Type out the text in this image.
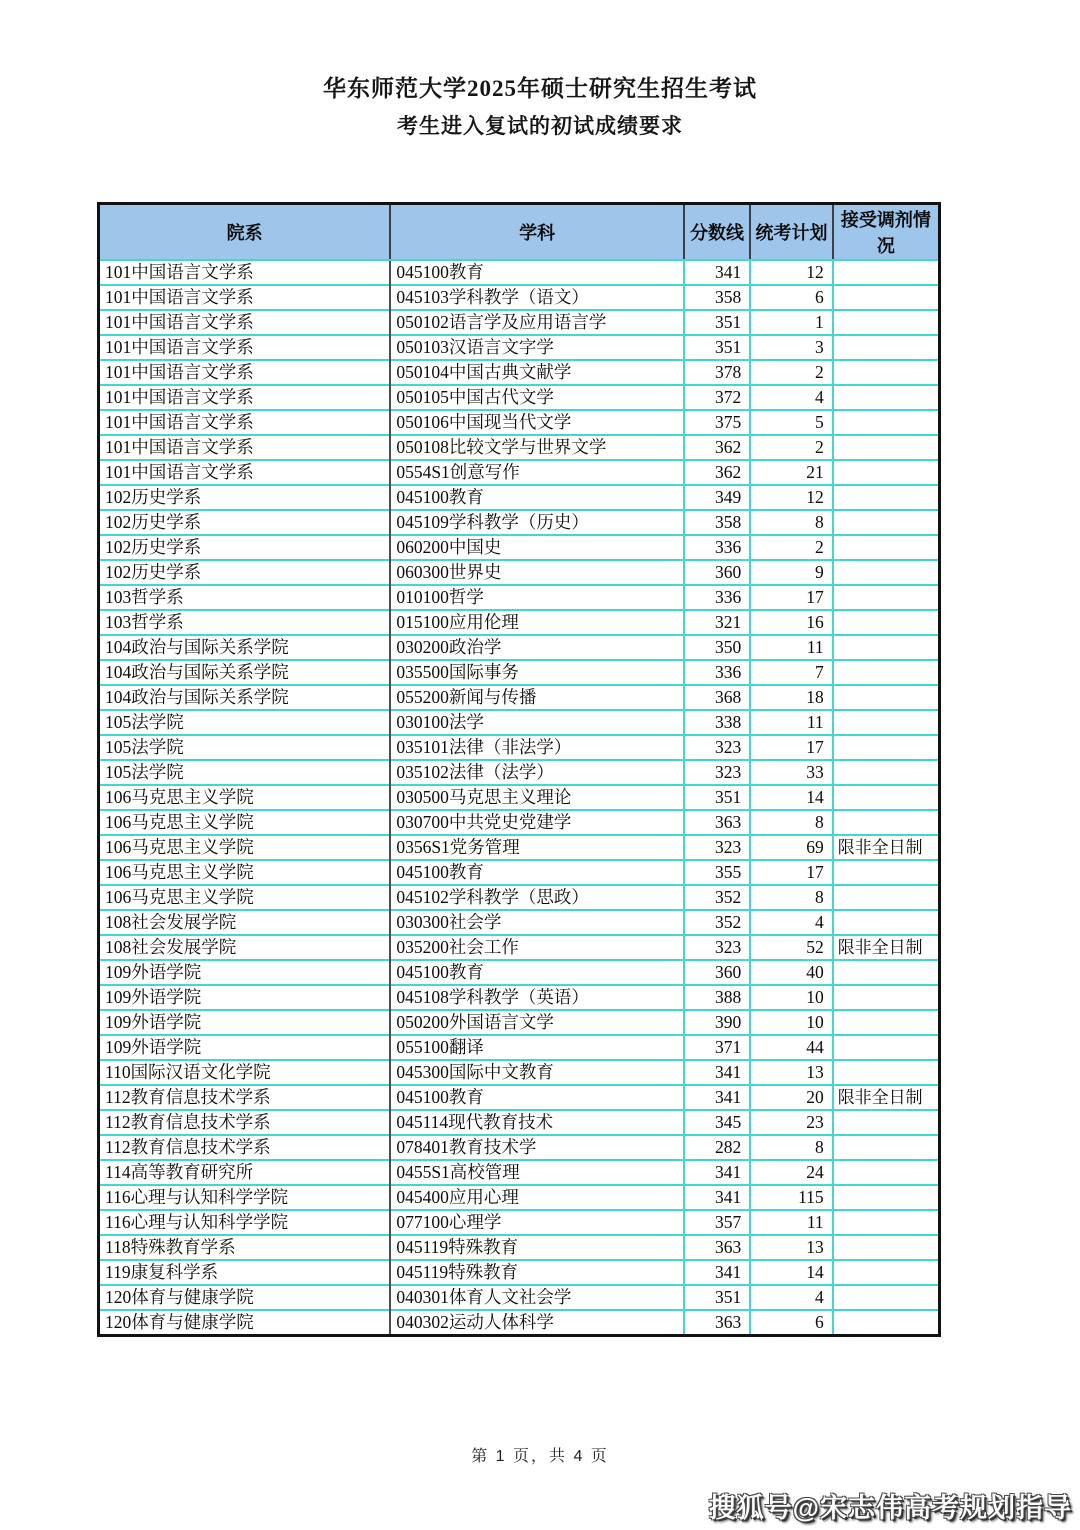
华东师范大学2025年硕士研究生招生考试
考生进入复试的初试成绩要求
院系	学科	分数线	统考计划	接受调剂情况
101中国语言文学系	045100教育	341	12	
101中国语言文学系	045103学科教学（语文）	358	6	
101中国语言文学系	050102语言学及应用语言学	351	1	
101中国语言文学系	050103汉语言文字学	351	3	
101中国语言文学系	050104中国古典文献学	378	2	
101中国语言文学系	050105中国古代文学	372	4	
101中国语言文学系	050106中国现当代文学	375	5	
101中国语言文学系	050108比较文学与世界文学	362	2	
101中国语言文学系	0554S1创意写作	362	21	
102历史学系	045100教育	349	12	
102历史学系	045109学科教学（历史）	358	8	
102历史学系	060200中国史	336	2	
102历史学系	060300世界史	360	9	
103哲学系	010100哲学	336	17	
103哲学系	015100应用伦理	321	16	
104政治与国际关系学院	030200政治学	350	11	
104政治与国际关系学院	035500国际事务	336	7	
104政治与国际关系学院	055200新闻与传播	368	18	
105法学院	030100法学	338	11	
105法学院	035101法律（非法学）	323	17	
105法学院	035102法律（法学）	323	33	
106马克思主义学院	030500马克思主义理论	351	14	
106马克思主义学院	030700中共党史党建学	363	8	
106马克思主义学院	0356S1党务管理	323	69	限非全日制
106马克思主义学院	045100教育	355	17	
106马克思主义学院	045102学科教学（思政）	352	8	
108社会发展学院	030300社会学	352	4	
108社会发展学院	035200社会工作	323	52	限非全日制
109外语学院	045100教育	360	40	
109外语学院	045108学科教学（英语）	388	10	
109外语学院	050200外国语言文学	390	10	
109外语学院	055100翻译	371	44	
110国际汉语文化学院	045300国际中文教育	341	13	
112教育信息技术学系	045100教育	341	20	限非全日制
112教育信息技术学系	045114现代教育技术	345	23	
112教育信息技术学系	078401教育技术学	282	8	
114高等教育研究所	0455S1高校管理	341	24	
116心理与认知科学学院	045400应用心理	341	115	
116心理与认知科学学院	077100心理学	357	11	
118特殊教育学系	045119特殊教育	363	13	
119康复科学系	045119特殊教育	341	14	
120体育与健康学院	040301体育人文社会学	351	4	
120体育与健康学院	040302运动人体科学	363	6	
第 1 页，共 4 页
搜狐号@宋志伟高考规划指导
